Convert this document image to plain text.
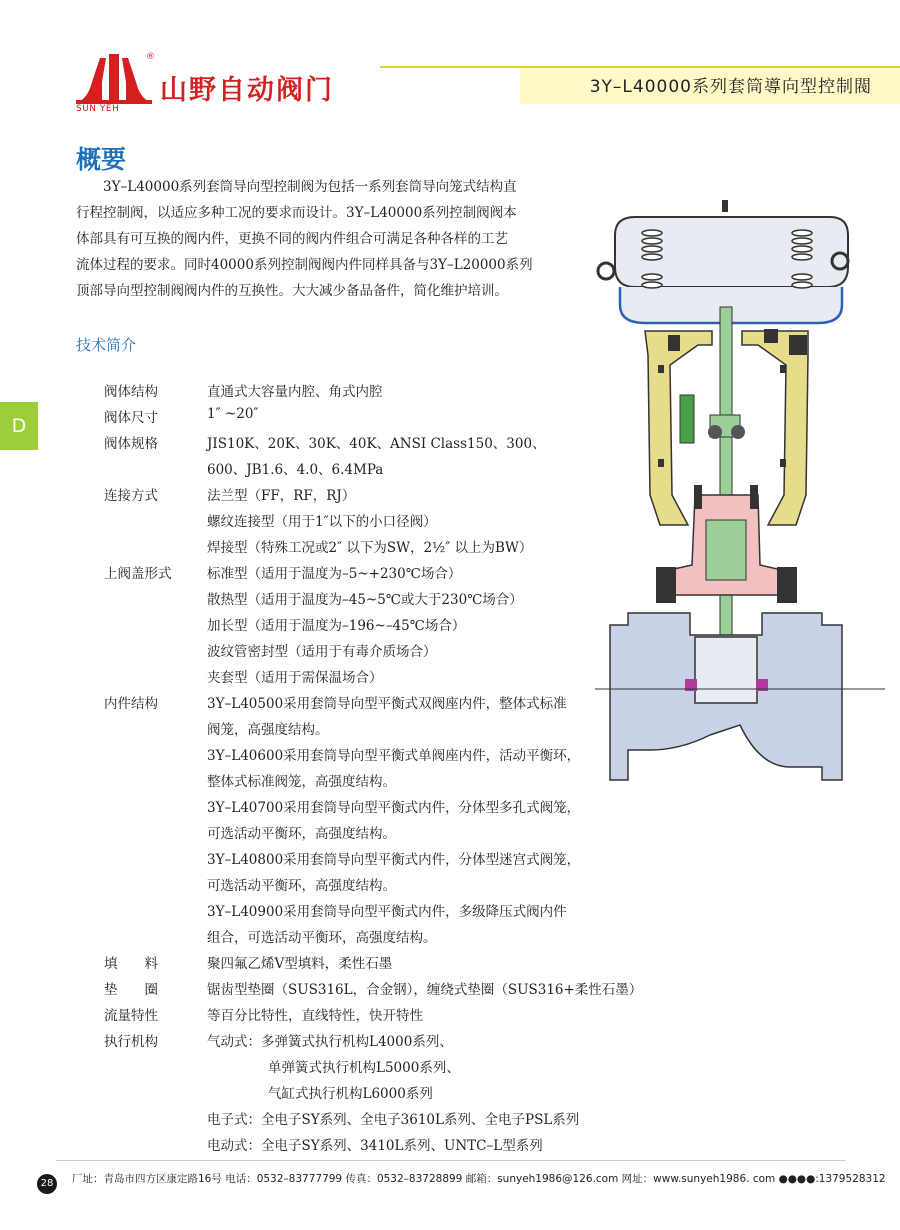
®
山野自动阀门
SUN YEH
3Y–L40000系列套筒導向型控制閥
D
概要

3Y–L40000系列套筒导向型控制阀为包括一系列套筒导向笼式结构直

行程控制阀，以适应多种工况的要求而设计。3Y–L40000系列控制阀阀本
体部具有可互换的阀内件，更换不同的阀内件组合可满足各种各样的工艺
流体过程的要求。同时40000系列控制阀阀内件同样具备与3Y–L20000系列
顶部导向型控制阀阀内件的互换性。大大减少备品备件，简化维护培训。
技术简介
阀体结构	直通式大容量内腔、角式内腔
阀体尺寸	1″ ~20″
阀体规格	JIS10K、20K、30K、40K、ANSI Class150、300、
600、JB1.6、4.0、6.4MPa
连接方式	法兰型（FF，RF，RJ）
螺纹连接型（用于1″以下的小口径阀）
焊接型（特殊工况或2″ 以下为SW，2½″ 以上为BW）
上阀盖形式	标准型（适用于温度为–5~+230℃场合）
散热型（适用于温度为–45~5℃或大于230℃场合）
加长型（适用于温度为–196~–45℃场合）
波纹管密封型（适用于有毒介质场合）
夹套型（适用于需保温场合）
内件结构	3Y–L40500采用套筒导向型平衡式双阀座内件，整体式标准
阀笼，高强度结构。
3Y–L40600采用套筒导向型平衡式单阀座内件，活动平衡环，
整体式标准阀笼，高强度结构。
3Y–L40700采用套筒导向型平衡式内件，分体型多孔式阀笼，
可选活动平衡环，高强度结构。
3Y–L40800采用套筒导向型平衡式内件，分体型迷宫式阀笼，
可选活动平衡环，高强度结构。
3Y–L40900采用套筒导向型平衡式内件，多级降压式阀内件
组合，可选活动平衡环，高强度结构。
填　　料	聚四氟乙烯V型填料，柔性石墨
垫　　圈	锯齿型垫圈（SUS316L，合金钢），缠绕式垫圈（SUS316+柔性石墨）
流量特性	等百分比特性，直线特性，快开特性
执行机构	气动式：多弹簧式执行机构L4000系列、
单弹簧式执行机构L5000系列、
气缸式执行机构L6000系列
电子式：全电子SY系列、全电子3610L系列、全电子PSL系列
电动式：全电子SY系列、3410L系列、UNTC–L型系列
28	厂址：青岛市四方区康定路16号 电话：0532–83777799 传真：0532–83728899 邮箱：sunyeh1986@126.com 网址：www.sunyeh1986. com ●●●●:1379528312
